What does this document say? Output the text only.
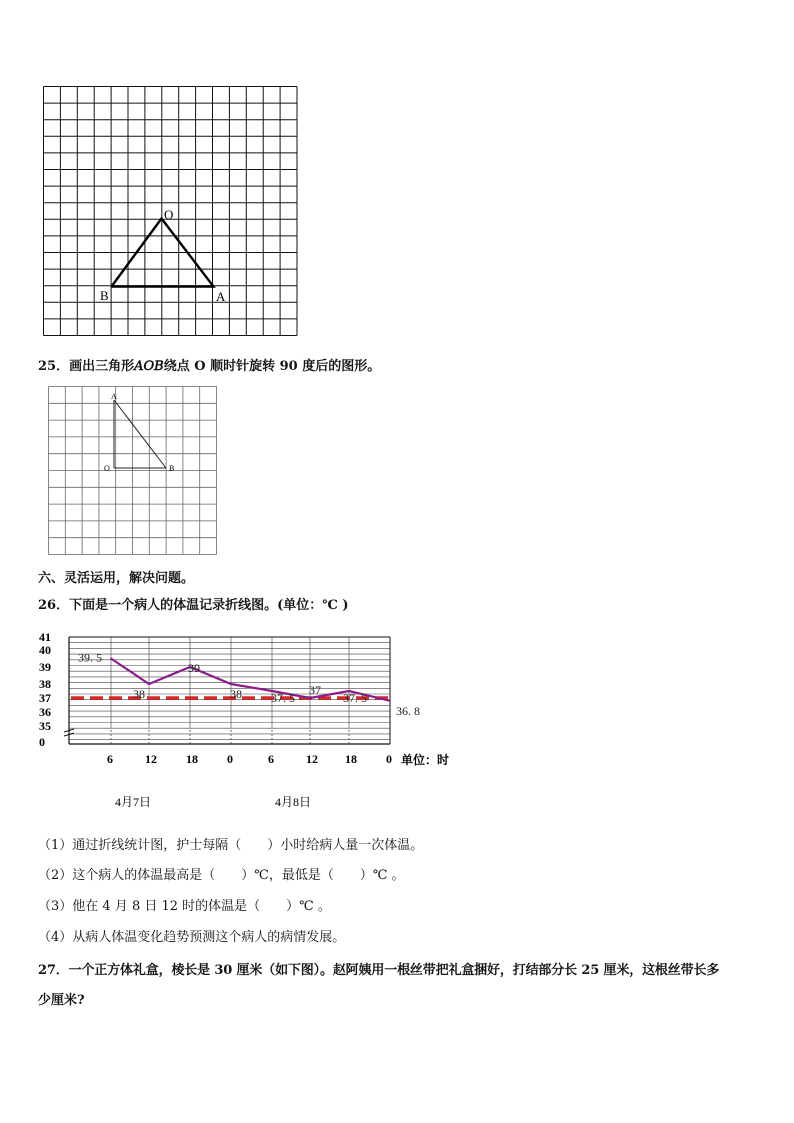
O
B	A
25．画出三角形𝐴𝑂𝐵绕点 O 顺时针旋转 90 度后的图形。
A
O	B
六、灵活运用，解决问题。
26．下面是一个病人的体温记录折线图。(单位：℃ )
41
40
39
38
37
36
35
0
6	12 18 0	6	12 18 0
39. 5
38
39
38 37. 5
37
37. 5
36. 8
单位：时
4月7日	4月8日
（1）通过折线统计图，护士每隔（　　）小时给病人量一次体温。
（2）这个病人的体温最高是（　　）℃，最低是（　　）℃ 。
（3）他在 4 月 8 日 12 时的体温是（　　）℃ 。
（4）从病人体温变化趋势预测这个病人的病情发展。
27．一个正方体礼盒，棱长是 30 厘米（如下图）。赵阿姨用一根丝带把礼盒捆好，打结部分长 25 厘米，这根丝带长多
少厘米?
